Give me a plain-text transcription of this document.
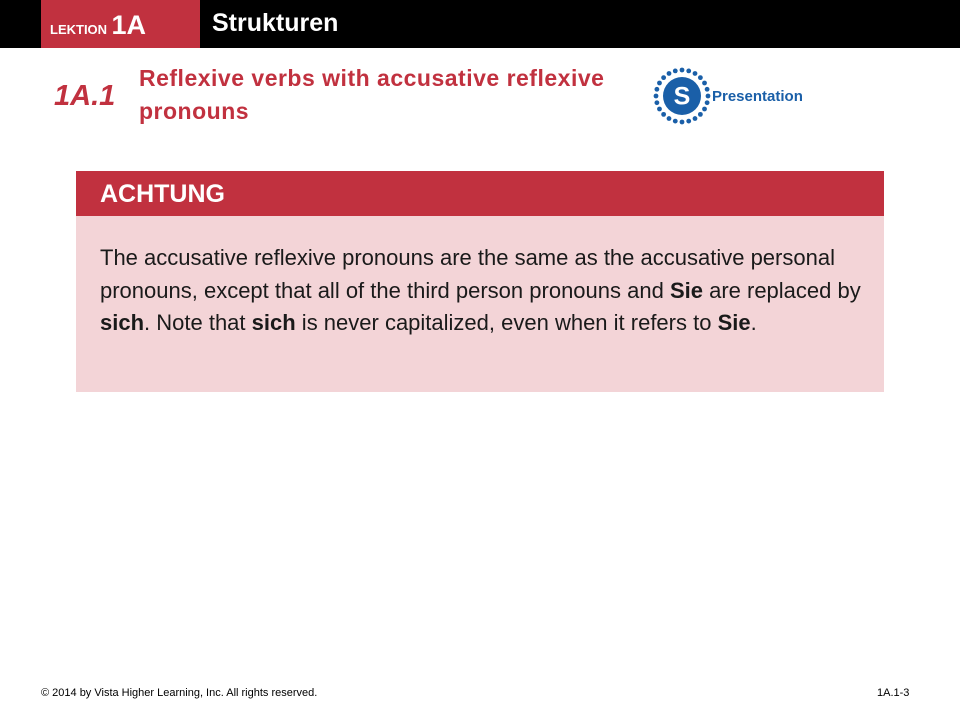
LEKTION 1A	Strukturen
1A.1
Reflexive verbs with accusative reflexive pronouns
S Presentation
ACHTUNG
The accusative reflexive pronouns are the same as the accusative personal pronouns, except that all of the third person pronouns and Sie are replaced by sich. Note that sich is never capitalized, even when it refers to Sie.
© 2014 by Vista Higher Learning, Inc. All rights reserved.	1A.1-3
